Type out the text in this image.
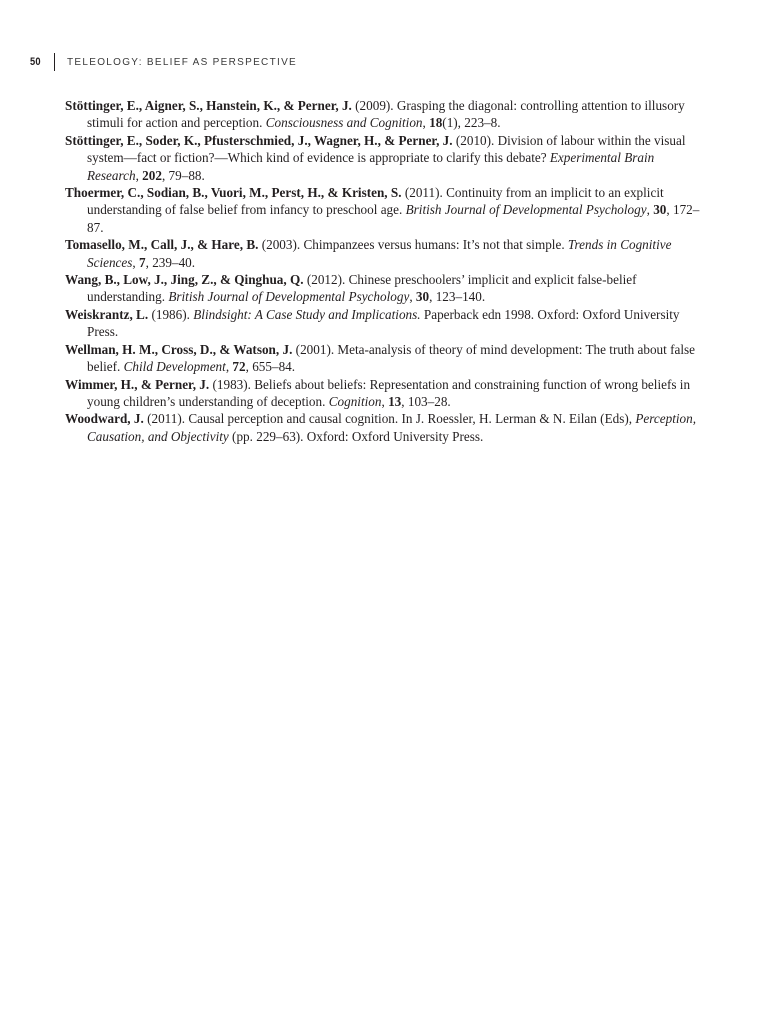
50	TELEOLOGY: BELIEF AS PERSPECTIVE
Stöttinger, E., Aigner, S., Hanstein, K., & Perner, J. (2009). Grasping the diagonal: controlling attention to illusory stimuli for action and perception. Consciousness and Cognition, 18(1), 223–8.
Stöttinger, E., Soder, K., Pfusterschmied, J., Wagner, H., & Perner, J. (2010). Division of labour within the visual system—fact or fiction?—Which kind of evidence is appropriate to clarify this debate? Experimental Brain Research, 202, 79–88.
Thoermer, C., Sodian, B., Vuori, M., Perst, H., & Kristen, S. (2011). Continuity from an implicit to an explicit understanding of false belief from infancy to preschool age. British Journal of Developmental Psychology, 30, 172–87.
Tomasello, M., Call, J., & Hare, B. (2003). Chimpanzees versus humans: It’s not that simple. Trends in Cognitive Sciences, 7, 239–40.
Wang, B., Low, J., Jing, Z., & Qinghua, Q. (2012). Chinese preschoolers’ implicit and explicit false-belief understanding. British Journal of Developmental Psychology, 30, 123–140.
Weiskrantz, L. (1986). Blindsight: A Case Study and Implications. Paperback edn 1998. Oxford: Oxford University Press.
Wellman, H. M., Cross, D., & Watson, J. (2001). Meta-analysis of theory of mind development: The truth about false belief. Child Development, 72, 655–84.
Wimmer, H., & Perner, J. (1983). Beliefs about beliefs: Representation and constraining function of wrong beliefs in young children’s understanding of deception. Cognition, 13, 103–28.
Woodward, J. (2011). Causal perception and causal cognition. In J. Roessler, H. Lerman & N. Eilan (Eds), Perception, Causation, and Objectivity (pp. 229–63). Oxford: Oxford University Press.
